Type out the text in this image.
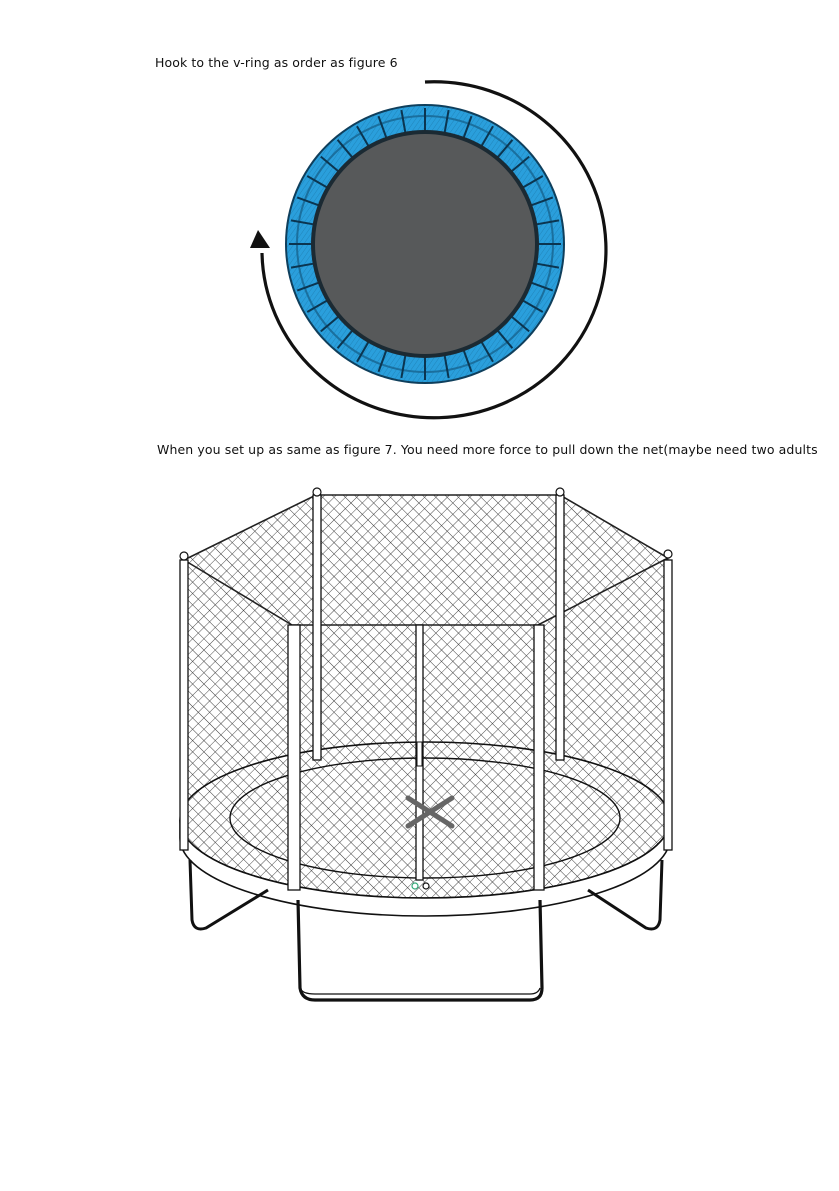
Hook to the v-ring as order as figure 6
When you set up as same as figure 7. You need more force to pull down the net(maybe need two adults
